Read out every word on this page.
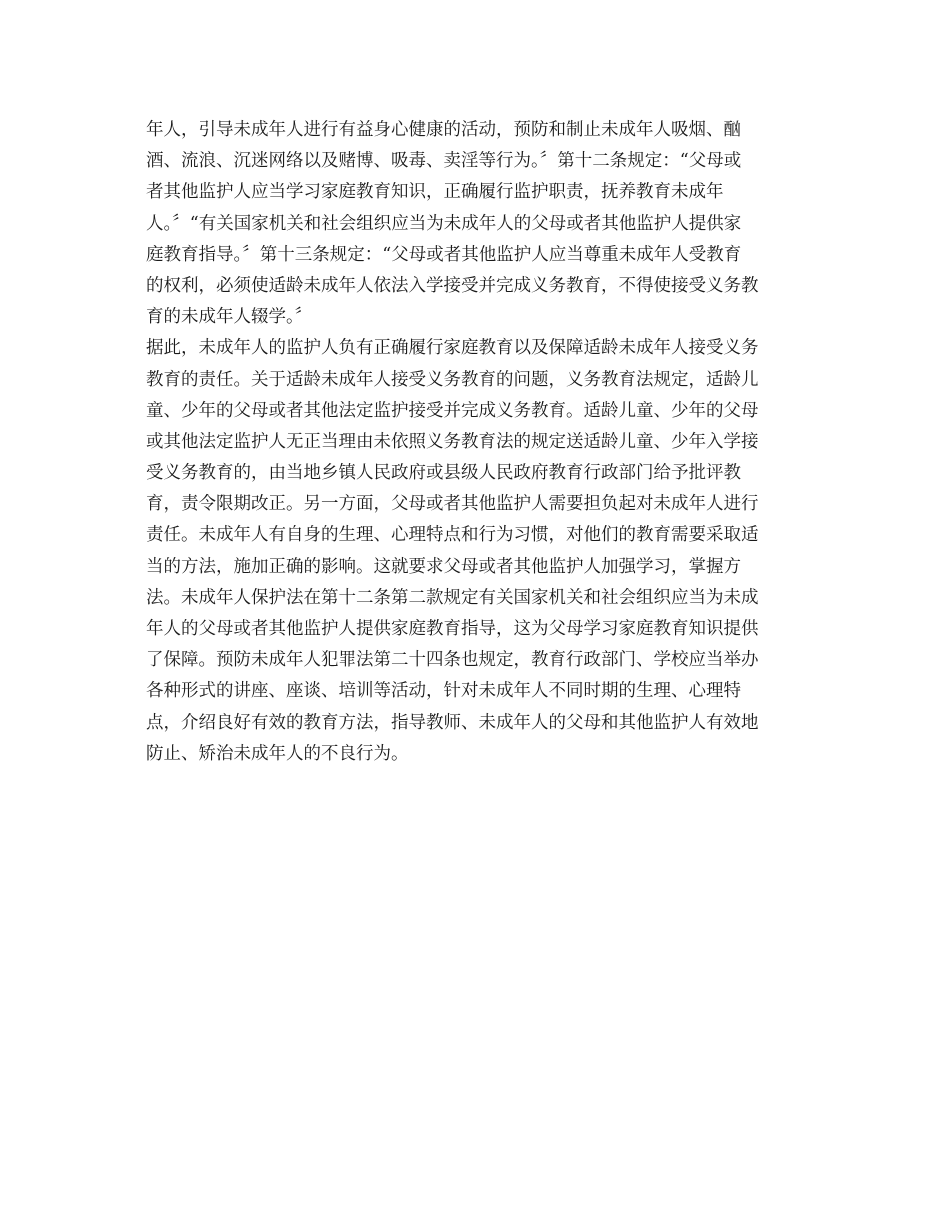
年人，引导未成年人进行有益身心健康的活动，预防和制止未成年人吸烟、酗
酒、流浪、沉迷网络以及赌博、吸毒、卖淫等行为。〞第十二条规定：“父母或
者其他监护人应当学习家庭教育知识，正确履行监护职责，抚养教育未成年
人。〞“有关国家机关和社会组织应当为未成年人的父母或者其他监护人提供家
庭教育指导。〞第十三条规定：“父母或者其他监护人应当尊重未成年人受教育
的权利，必须使适龄未成年人依法入学接受并完成义务教育，不得使接受义务教
育的未成年人辍学。〞
据此，未成年人的监护人负有正确履行家庭教育以及保障适龄未成年人接受义务
教育的责任。关于适龄未成年人接受义务教育的问题，义务教育法规定，适龄儿
童、少年的父母或者其他法定监护接受并完成义务教育。适龄儿童、少年的父母
或其他法定监护人无正当理由未依照义务教育法的规定送适龄儿童、少年入学接
受义务教育的，由当地乡镇人民政府或县级人民政府教育行政部门给予批评教
育，责令限期改正。另一方面，父母或者其他监护人需要担负起对未成年人进行
责任。未成年人有自身的生理、心理特点和行为习惯，对他们的教育需要采取适
当的方法，施加正确的影响。这就要求父母或者其他监护人加强学习，掌握方
法。未成年人保护法在第十二条第二款规定有关国家机关和社会组织应当为未成
年人的父母或者其他监护人提供家庭教育指导，这为父母学习家庭教育知识提供
了保障。预防未成年人犯罪法第二十四条也规定，教育行政部门、学校应当举办
各种形式的讲座、座谈、培训等活动，针对未成年人不同时期的生理、心理特
点，介绍良好有效的教育方法，指导教师、未成年人的父母和其他监护人有效地
防止、矫治未成年人的不良行为。
